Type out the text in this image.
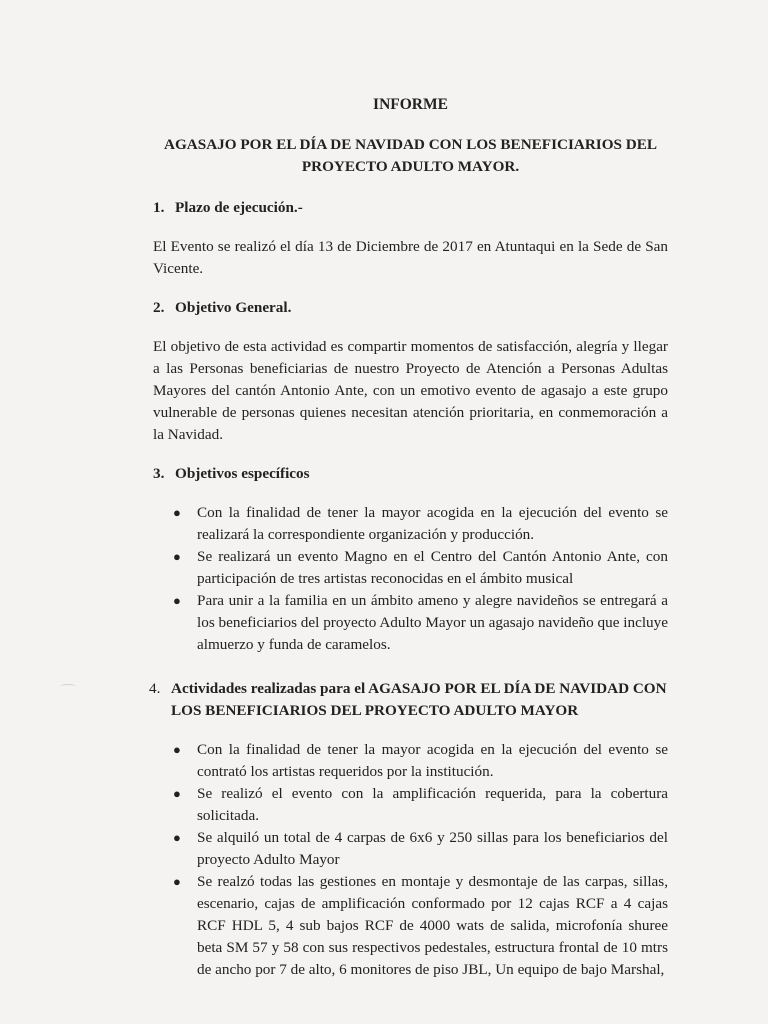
INFORME
AGASAJO POR EL DÍA DE NAVIDAD CON LOS BENEFICIARIOS DEL PROYECTO ADULTO MAYOR.
1. Plazo de ejecución.-
El Evento se realizó el día 13 de Diciembre de 2017 en Atuntaqui en la Sede de San Vicente.
2. Objetivo General.
El objetivo de esta actividad es compartir momentos de satisfacción, alegría y llegar a las Personas beneficiarias de nuestro Proyecto de Atención a Personas Adultas Mayores del cantón Antonio Ante, con un emotivo evento de agasajo a este grupo vulnerable de personas quienes necesitan atención prioritaria, en conmemoración a la Navidad.
3. Objetivos específicos
● Con la finalidad de tener la mayor acogida en la ejecución del evento se realizará la correspondiente organización y producción.
● Se realizará un evento Magno en el Centro del Cantón Antonio Ante, con participación de tres artistas reconocidas en el ámbito musical
● Para unir a la familia en un ámbito ameno y alegre navideños se entregará a los beneficiarios del proyecto Adulto Mayor un agasajo navideño que incluye almuerzo y funda de caramelos.
4. Actividades realizadas para el AGASAJO POR EL DÍA DE NAVIDAD CON LOS BENEFICIARIOS DEL PROYECTO ADULTO MAYOR
● Con la finalidad de tener la mayor acogida en la ejecución del evento se contrató los artistas requeridos por la institución.
● Se realizó el evento con la amplificación requerida, para la cobertura solicitada.
● Se alquiló un total de 4 carpas de 6x6 y 250 sillas para los beneficiarios del proyecto Adulto Mayor
● Se realzó todas las gestiones en montaje y desmontaje de las carpas, sillas, escenario, cajas de amplificación conformado por 12 cajas RCF a 4 cajas RCF HDL 5, 4 sub bajos RCF de 4000 wats de salida, microfonía shuree beta SM 57 y 58 con sus respectivos pedestales, estructura frontal de 10 mtrs de ancho por 7 de alto, 6 monitores de piso JBL, Un equipo de bajo Marshal,
